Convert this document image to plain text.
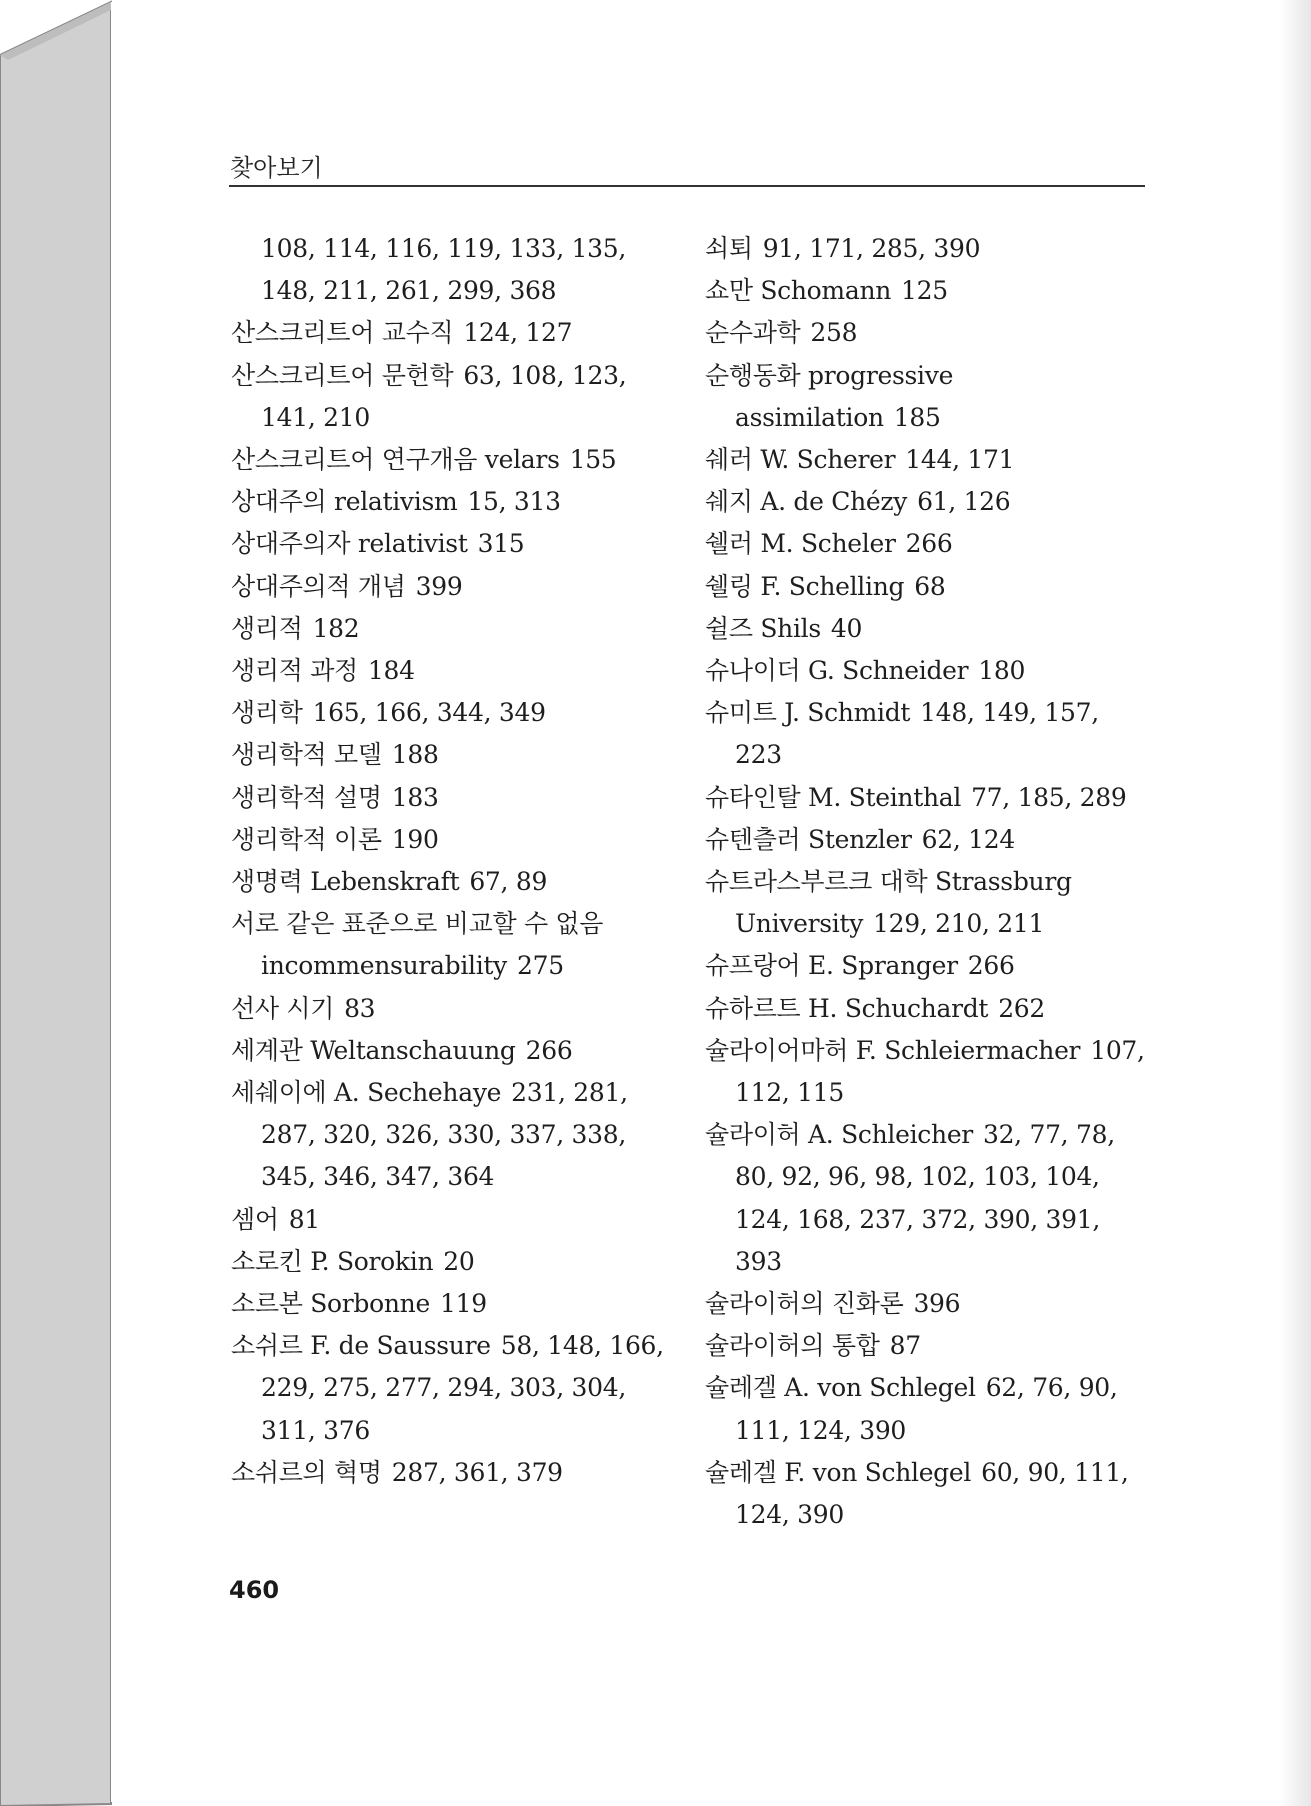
찾아보기
108, 114, 116, 119, 133, 135, 148, 211, 261, 299, 368
산스크리트어 교수직 124, 127
산스크리트어 문헌학 63, 108, 123, 141, 210
산스크리트어 연구개음 velars 155
상대주의 relativism 15, 313
상대주의자 relativist 315
상대주의적 개념 399
생리적 182
생리적 과정 184
생리학 165, 166, 344, 349
생리학적 모델 188
생리학적 설명 183
생리학적 이론 190
생명력 Lebenskraft 67, 89
서로 같은 표준으로 비교할 수 없음 incommensurability 275
선사 시기 83
세계관 Weltanschauung 266
세쉐이에 A. Sechehaye 231, 281, 287, 320, 326, 330, 337, 338, 345, 346, 347, 364
셈어 81
소로킨 P. Sorokin 20
소르본 Sorbonne 119
소쉬르 F. de Saussure 58, 148, 166, 229, 275, 277, 294, 303, 304, 311, 376
소쉬르의 혁명 287, 361, 379
쇠퇴 91, 171, 285, 390
쇼만 Schomann 125
순수과학 258
순행동화 progressive assimilation 185
쉐러 W. Scherer 144, 171
쉐지 A. de Chézy 61, 126
쉘러 M. Scheler 266
쉘링 F. Schelling 68
쉴즈 Shils 40
슈나이더 G. Schneider 180
슈미트 J. Schmidt 148, 149, 157, 223
슈타인탈 M. Steinthal 77, 185, 289
슈텐츨러 Stenzler 62, 124
슈트라스부르크 대학 Strassburg University 129, 210, 211
슈프랑어 E. Spranger 266
슈하르트 H. Schuchardt 262
슐라이어마허 F. Schleiermacher 107, 112, 115
슐라이허 A. Schleicher 32, 77, 78, 80, 92, 96, 98, 102, 103, 104, 124, 168, 237, 372, 390, 391, 393
슐라이허의 진화론 396
슐라이허의 통합 87
슐레겔 A. von Schlegel 62, 76, 90, 111, 124, 390
슐레겔 F. von Schlegel 60, 90, 111, 124, 390
460
